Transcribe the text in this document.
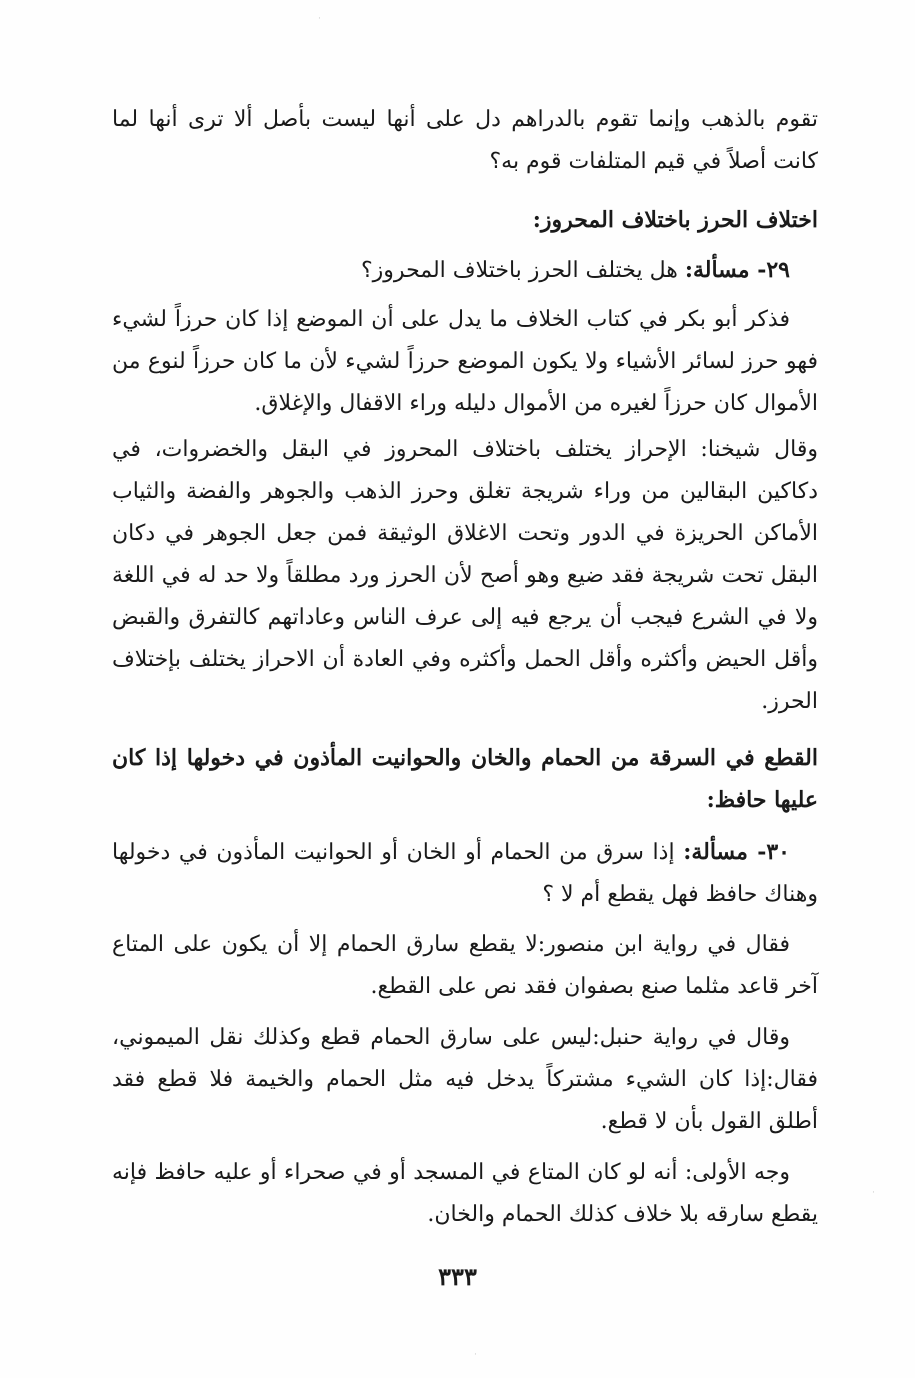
تقوم بالذهب وإنما تقوم بالدراهم دل على أنها ليست بأصل ألا ترى أنها لما كانت أصلاً في قيم المتلفات قوم به؟

اختلاف الحرز باختلاف المحروز:

٢٩- مسألة: هل يختلف الحرز باختلاف المحروز؟

فذكر أبو بكر في كتاب الخلاف ما يدل على أن الموضع إذا كان حرزاً لشيء فهو حرز لسائر الأشياء ولا يكون الموضع حرزاً لشيء لأن ما كان حرزاً لنوع من الأموال كان حرزاً لغيره من الأموال دليله وراء الاقفال والإغلاق.

وقال شيخنا: الإحراز يختلف باختلاف المحروز في البقل والخضروات، في دكاكين البقالين من وراء شريجة تغلق وحرز الذهب والجوهر والفضة والثياب الأماكن الحريزة في الدور وتحت الاغلاق الوثيقة فمن جعل الجوهر في دكان البقل تحت شريجة فقد ضيع وهو أصح لأن الحرز ورد مطلقاً ولا حد له في اللغة ولا في الشرع فيجب أن يرجع فيه إلى عرف الناس وعاداتهم كالتفرق والقبض وأقل الحيض وأكثره وأقل الحمل وأكثره وفي العادة أن الاحراز يختلف بإختلاف الحرز.

القطع في السرقة من الحمام والخان والحوانيت المأذون في دخولها إذا كان عليها حافظ:

٣٠- مسألة: إذا سرق من الحمام أو الخان أو الحوانيت المأذون في دخولها وهناك حافظ فهل يقطع أم لا ؟

فقال في رواية ابن منصور:لا يقطع سارق الحمام إلا أن يكون على المتاع آخر قاعد مثلما صنع بصفوان فقد نص على القطع.

وقال في رواية حنبل:ليس على سارق الحمام قطع وكذلك نقل الميموني، فقال:إذا كان الشيء مشتركاً يدخل فيه مثل الحمام والخيمة فلا قطع فقد أطلق القول بأن لا قطع.

وجه الأولى: أنه لو كان المتاع في المسجد أو في صحراء أو عليه حافظ فإنه يقطع سارقه بلا خلاف كذلك الحمام والخان.

٣٣٣
·
·
·
